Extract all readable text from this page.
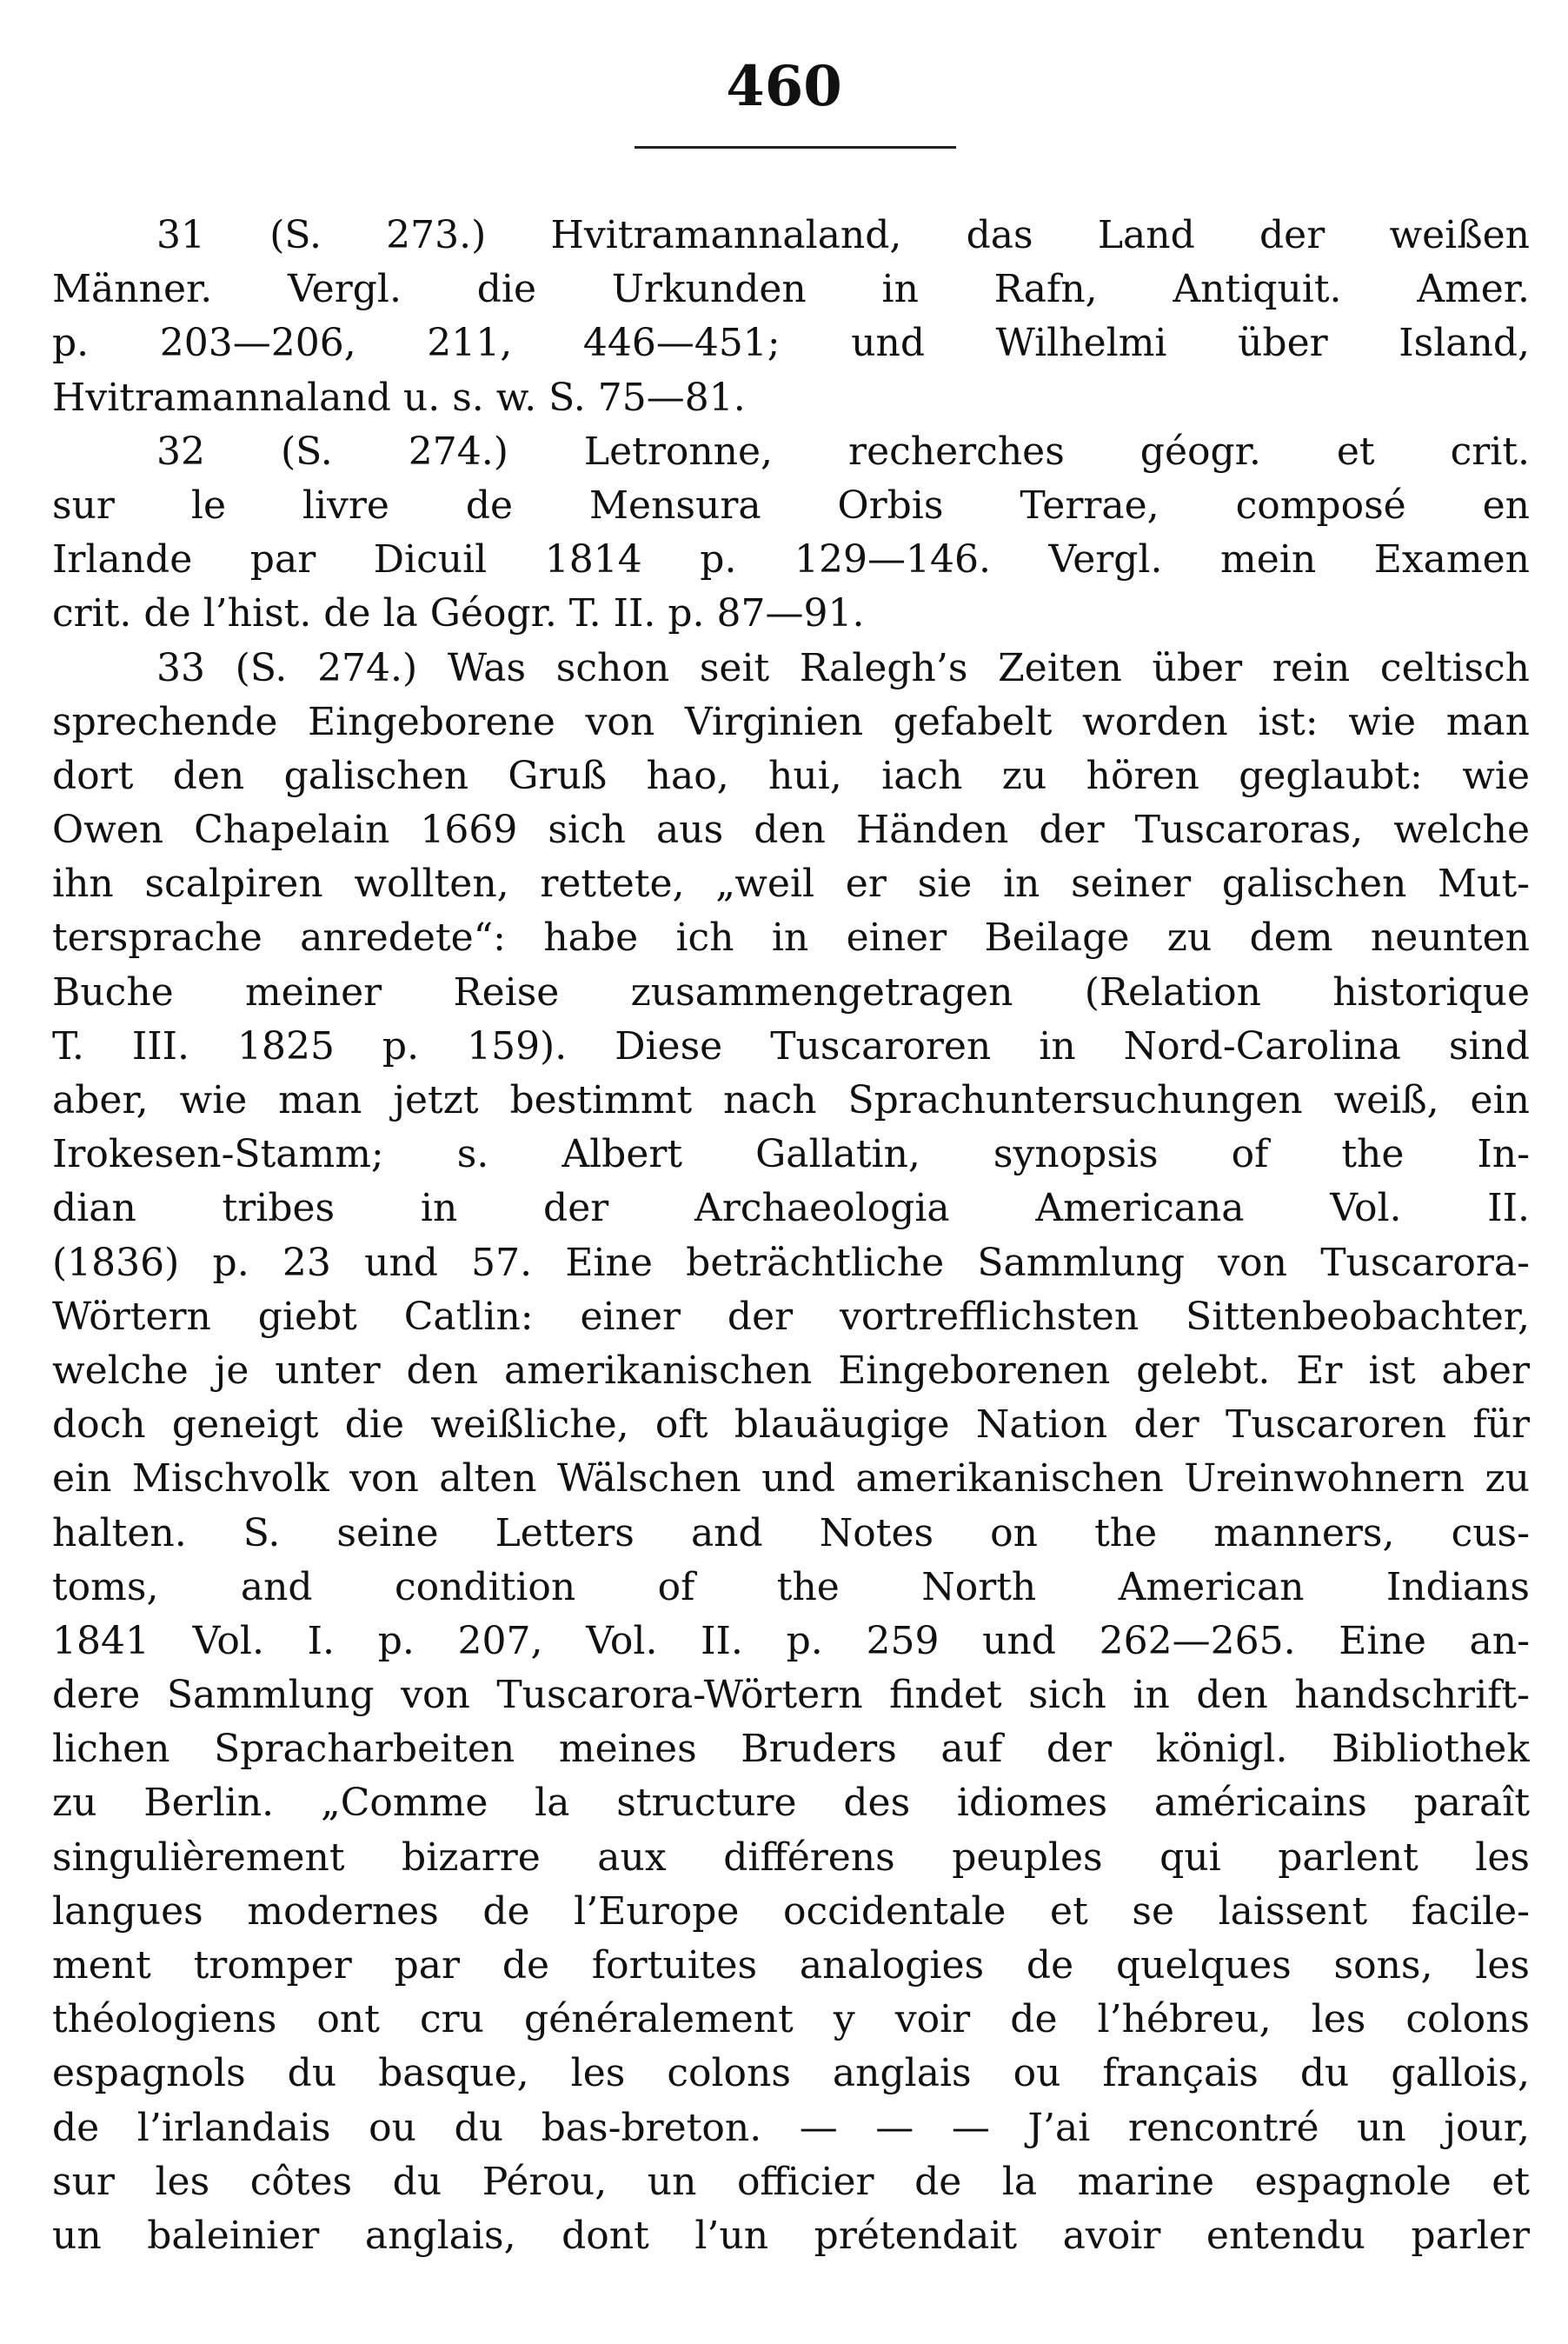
460
31 (S. 273.) Hvitramannaland, das Land der weißen
Männer. Vergl. die Urkunden in Rafn, Antiquit. Amer.
p. 203—206, 211, 446—451; und Wilhelmi über Island,
Hvitramannaland u. s. w. S. 75—81.
32 (S. 274.) Letronne, recherches géogr. et crit.
sur le livre de Mensura Orbis Terrae, composé en
Irlande par Dicuil 1814 p. 129—146. Vergl. mein Examen
crit. de l’hist. de la Géogr. T. II. p. 87—91.
33 (S. 274.) Was schon seit Ralegh’s Zeiten über rein celtisch
sprechende Eingeborene von Virginien gefabelt worden ist: wie man
dort den galischen Gruß hao, hui, iach zu hören geglaubt: wie
Owen Chapelain 1669 sich aus den Händen der Tuscaroras, welche
ihn scalpiren wollten, rettete, „weil er sie in seiner galischen Mut-
tersprache anredete“: habe ich in einer Beilage zu dem neunten
Buche meiner Reise zusammengetragen (Relation historique
T. III. 1825 p. 159). Diese Tuscaroren in Nord-Carolina sind
aber, wie man jetzt bestimmt nach Sprachuntersuchungen weiß, ein
Irokesen-Stamm; s. Albert Gallatin, synopsis of the In-
dian tribes in der Archaeologia Americana Vol. II.
(1836) p. 23 und 57. Eine beträchtliche Sammlung von Tuscarora-
Wörtern giebt Catlin: einer der vortrefflichsten Sittenbeobachter,
welche je unter den amerikanischen Eingeborenen gelebt. Er ist aber
doch geneigt die weißliche, oft blauäugige Nation der Tuscaroren für
ein Mischvolk von alten Wälschen und amerikanischen Ureinwohnern zu
halten. S. seine Letters and Notes on the manners, cus-
toms, and condition of the North American Indians
1841 Vol. I. p. 207, Vol. II. p. 259 und 262—265. Eine an-
dere Sammlung von Tuscarora-Wörtern findet sich in den handschrift-
lichen Spracharbeiten meines Bruders auf der königl. Bibliothek
zu Berlin. „Comme la structure des idiomes américains paraît
singulièrement bizarre aux différens peuples qui parlent les
langues modernes de l’Europe occidentale et se laissent facile-
ment tromper par de fortuites analogies de quelques sons, les
théologiens ont cru généralement y voir de l’hébreu, les colons
espagnols du basque, les colons anglais ou français du gallois,
de l’irlandais ou du bas-breton. — — — J’ai rencontré un jour,
sur les côtes du Pérou, un officier de la marine espagnole et
un baleinier anglais, dont l’un prétendait avoir entendu parler
